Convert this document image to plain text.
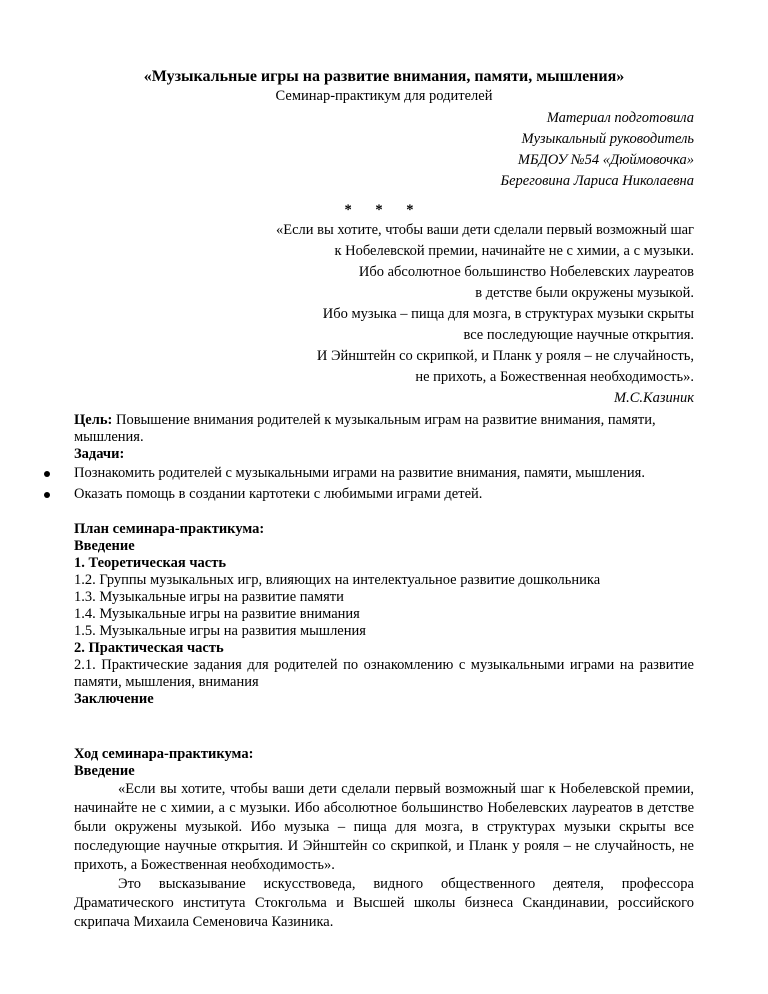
«Музыкальные игры на развитие внимания, памяти, мышления»
Семинар-практикум для родителей
Материал подготовила
Музыкальный руководитель
МБДОУ №54 «Дюймовочка»
Береговина Лариса Николаевна
* * *
«Если вы хотите, чтобы ваши дети сделали первый возможный шаг
к Нобелевской премии, начинайте не с химии, а с музыки.
Ибо абсолютное большинство Нобелевских лауреатов
в детстве были окружены музыкой.
Ибо музыка – пища для мозга, в структурах музыки скрыты
все последующие научные открытия.
И Эйнштейн со скрипкой, и Планк у рояля – не случайность,
не прихоть, а Божественная необходимость».
М.С.Казиник
Цель: Повышение внимания родителей к музыкальным играм на развитие внимания, памяти, мышления.
Задачи:
Познакомить родителей с музыкальными играми на развитие внимания, памяти, мышления.
Оказать помощь в создании картотеки с любимыми играми детей.
План семинара-практикума:
Введение
1. Теоретическая часть
1.2. Группы музыкальных игр, влияющих на интелектуальное развитие дошкольника
1.3. Музыкальные игры на развитие памяти
1.4. Музыкальные игры на развитие внимания
1.5. Музыкальные игры на развития мышления
2. Практическая часть
2.1. Практические задания для родителей по ознакомлению с музыкальными играми на развитие памяти, мышления, внимания
Заключение
Ход семинара-практикума:
Введение

«Если вы хотите, чтобы ваши дети сделали первый возможный шаг к Нобелевской премии, начинайте не с химии, а с музыки. Ибо абсолютное большинство Нобелевских лауреатов в детстве были окружены музыкой. Ибо музыка – пища для мозга, в структурах музыки скрыты все последующие научные открытия. И Эйнштейн со скрипкой, и Планк у рояля – не случайность, не прихоть, а Божественная необходимость».

Это высказывание искусствоведа, видного общественного деятеля, профессора Драматического института Стокгольма и Высшей школы бизнеса Скандинавии, российского скрипача Михаила Семеновича Казиника.
